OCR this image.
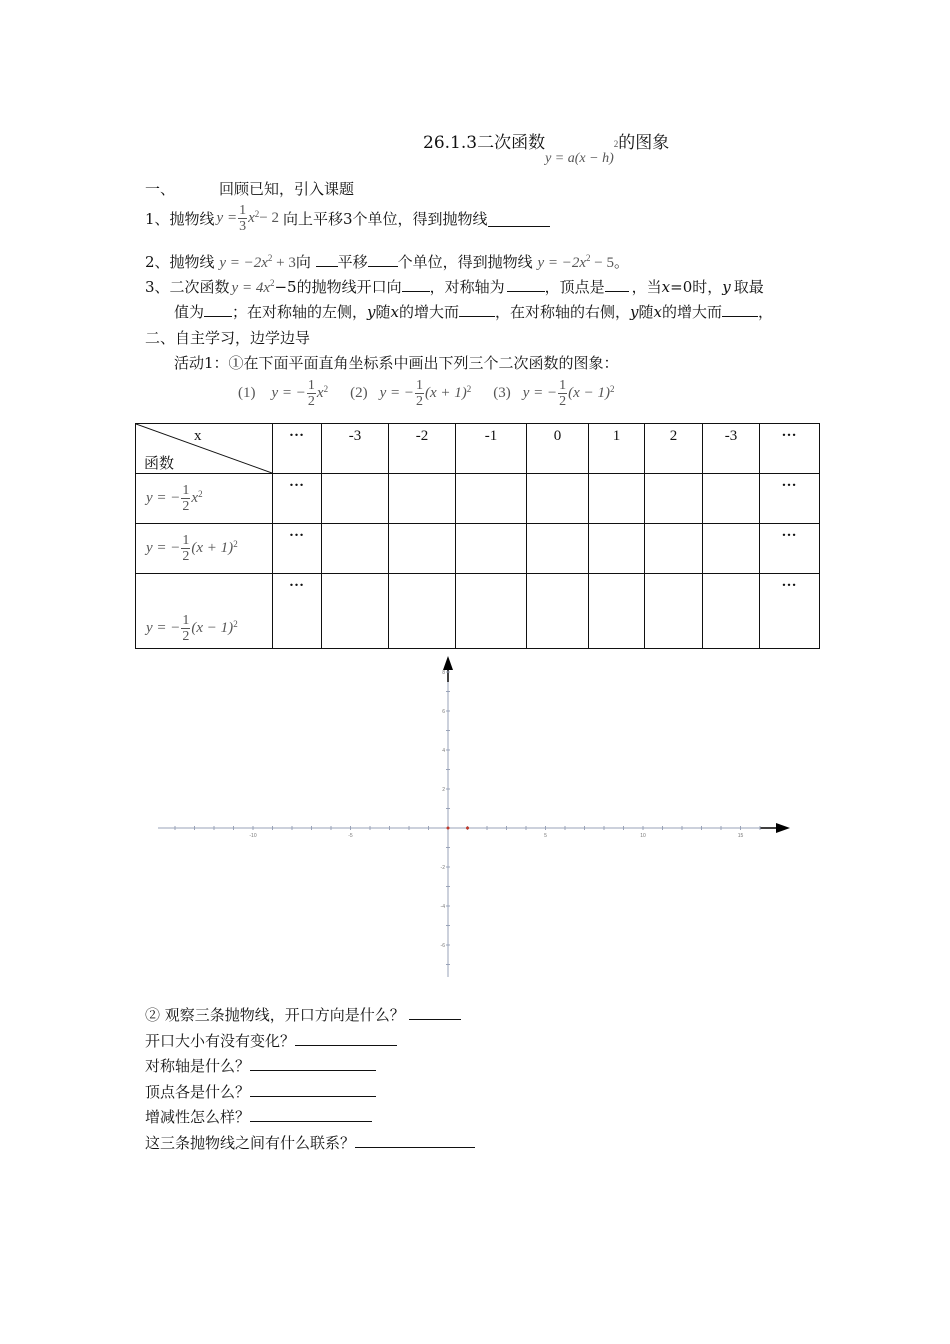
26.1.3二次函数$_{y = a(x - h)}^2$的图象
一、	回顾已知，引入课题
1、抛物线 $y = \frac{1}{3} x^2 - 2$ 向上平移3个单位，得到抛物线
2、抛物线 $y = -2x^2 + 3$向 平移 个单位，得到抛物线 $y = -2x^2 - 5$。
3、二次函数 $y = 4x^2-5$的抛物线开口向 ，对称轴为	，顶点是 ，当x=0时，y 取最
值为 ；在对称轴的左侧，y随x的增大而 ，在对称轴的右侧，y随x的增大而 ，
二、自主学习，边学边导
活动1：①在下面平面直角坐标系中画出下列三个二次函数的图象：
(1) y = − $\frac{1}{2} x^2$ (2) y = − $\frac{1}{2} (x + 1)^2$ (3) y = − $\frac{1}{2} (x - 1)^2$
x
函数	…	-3	-2	-1	0	1	2	-3	…

y = − $\frac{1}{2} x^2$	…								…

y = − $\frac{1}{2} (x + 1)^2$	…								…

y = − $\frac{1}{2} (x - 1)^2$	…								…
-10	-5	5	10	15
8
6
4
2
-2
-4
-6
② 观察三条抛物线，开口方向是什么？
开口大小有没有变化？
对称轴是什么？
顶点各是什么？
增减性怎么样？
这三条抛物线之间有什么联系？
